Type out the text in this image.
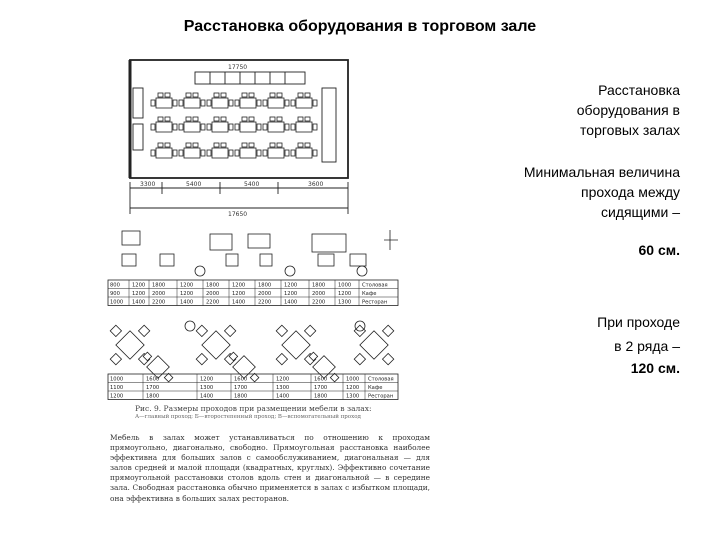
Расстановка оборудования в торговом зале
Расстановка оборудования в торговых залах
Минимальная величина прохода между сидящими –
60 см.
При проходе
в 2 ряда –
120 см.
17750
3300	5400	5400	3600
17650
800 1200 1800	1200 1800 1200 1800 1200	1800 1000 Столовая
900 1200 2000	1200 2000 1200 2000 1200	2000 1200 Кафе
1000 1400 2200	1400 2200 1400 2200 1400	2200 1300 Ресторан
1000	1600	1200	1600	1200	1600	1000 Столовая
1100	1700	1300	1700	1300	1700	1200 Кафе
1200	1800	1400	1800	1400	1800	1300 Ресторан
Рис. 9. Размеры проходов при размещении мебели в залах:
А—главный проход; Б—второстепенный проход; В—вспомогательный проход
Мебель в залах может устанавливаться по отношению к проходам прямоугольно, диагонально, свободно. Прямоугольная расстановка наиболее эффективна для больших залов с самообслуживанием, диагональная — для залов средней и малой площади (квадратных, круглых). Эффективно сочетание прямоугольной расстановки столов вдоль стен и диагональной — в середине зала. Свободная расстановка обычно применяется в залах с избытком площади, она эффективна в больших залах ресторанов.
